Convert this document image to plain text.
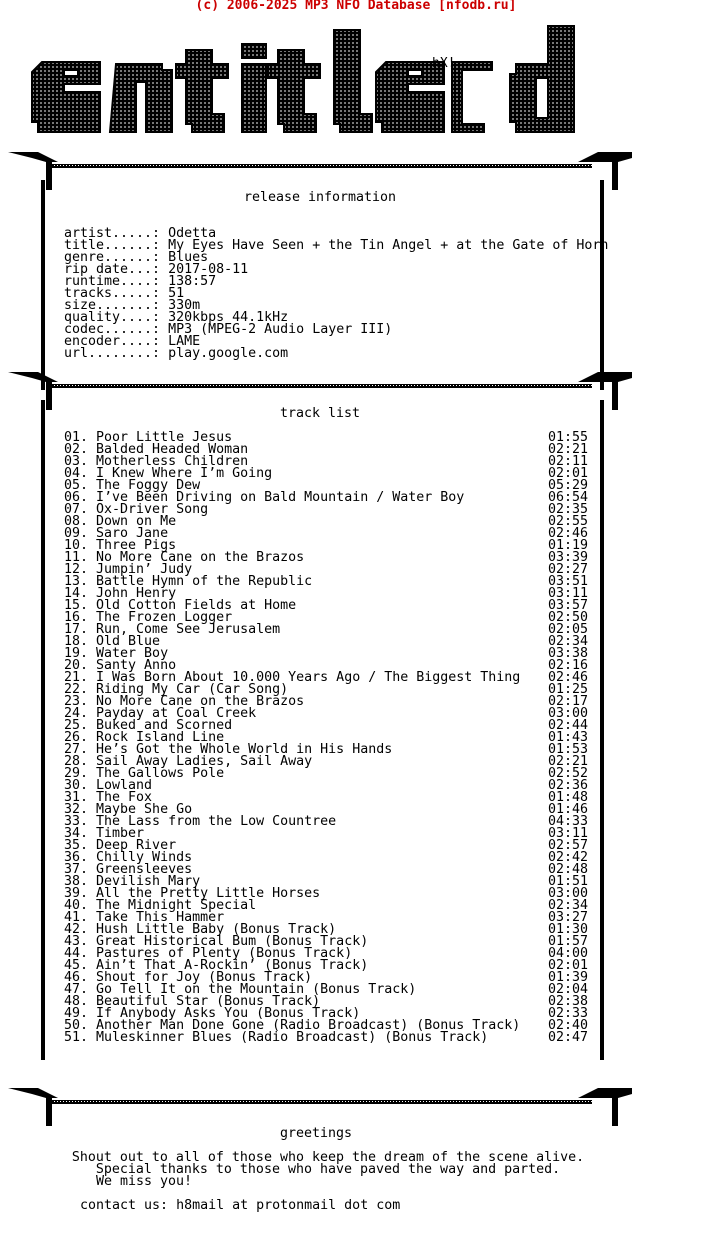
(c) 2006-2025 MP3 NFO Database [nfodb.ru]
hX!
release information
artist.....: Odetta
title......: My Eyes Have Seen + the Tin Angel + at the Gate of Horn
genre......: Blues
rip date...: 2017-08-11
runtime....: 138:57
tracks.....: 51
size.......: 330m
quality....: 320kbps 44.1kHz
codec......: MP3 (MPEG-2 Audio Layer III)
encoder....: LAME
url........: play.google.com
track list
01. Poor Little Jesus	01:55
02. Balded Headed Woman	02:21
03. Motherless Children	02:11
04. I Knew Where I’m Going	02:01
05. The Foggy Dew	05:29
06. I’ve Been Driving on Bald Mountain / Water Boy	06:54
07. Ox-Driver Song	02:35
08. Down on Me	02:55
09. Saro Jane	02:46
10. Three Pigs	01:19
11. No More Cane on the Brazos	03:39
12. Jumpin’ Judy	02:27
13. Battle Hymn of the Republic	03:51
14. John Henry	03:11
15. Old Cotton Fields at Home	03:57
16. The Frozen Logger	02:50
17. Run, Come See Jerusalem	02:05
18. Old Blue	02:34
19. Water Boy	03:38
20. Santy Anno	02:16
21. I Was Born About 10.000 Years Ago / The Biggest Thing 02:46
22. Riding My Car (Car Song)	01:25
23. No More Cane on the Brazos	02:17
24. Payday at Coal Creek	03:00
25. Buked and Scorned	02:44
26. Rock Island Line	01:43
27. He’s Got the Whole World in His Hands	01:53
28. Sail Away Ladies, Sail Away	02:21
29. The Gallows Pole	02:52
30. Lowland	02:36
31. The Fox	01:48
32. Maybe She Go	01:46
33. The Lass from the Low Countree	04:33
34. Timber	03:11
35. Deep River	02:57
36. Chilly Winds	02:42
37. Greensleeves	02:48
38. Devilish Mary	01:51
39. All the Pretty Little Horses	03:00
40. The Midnight Special	02:34
41. Take This Hammer	03:27
42. Hush Little Baby (Bonus Track)	01:30
43. Great Historical Bum (Bonus Track)	01:57
44. Pastures of Plenty (Bonus Track)	04:00
45. Ain’t That A-Rockin’ (Bonus Track)	02:01
46. Shout for Joy (Bonus Track)	01:39
47. Go Tell It on the Mountain (Bonus Track)	02:04
48. Beautiful Star (Bonus Track)	02:38
49. If Anybody Asks You (Bonus Track)	02:33
50. Another Man Done Gone (Radio Broadcast) (Bonus Track) 02:40
51. Muleskinner Blues (Radio Broadcast) (Bonus Track)	02:47
greetings
Shout out to all of those who keep the dream of the scene alive.
Special thanks to those who have paved the way and parted.
We miss you!
contact us: h8mail at protonmail dot com
